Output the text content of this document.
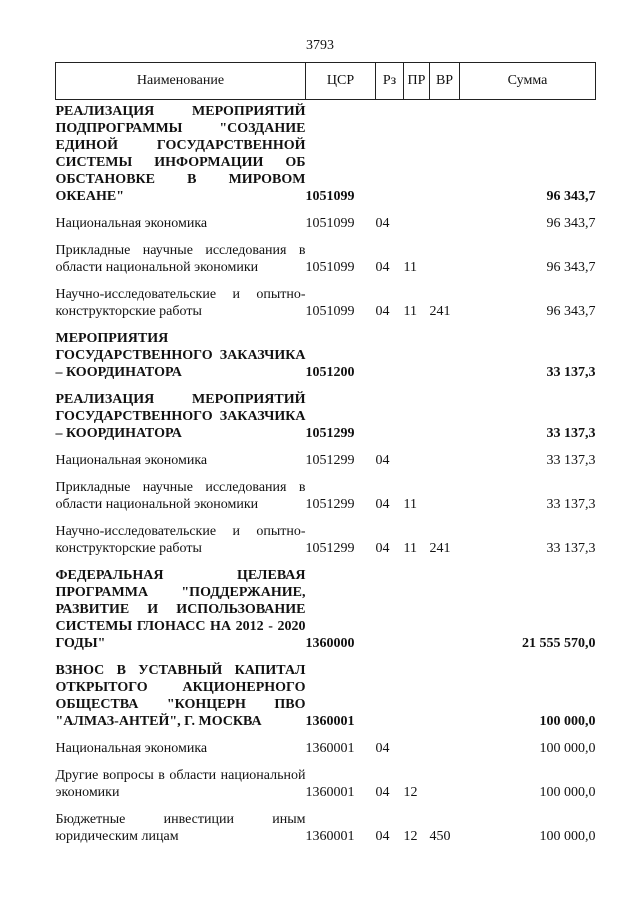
3793
Наименование	ЦСР	Рз	ПР	ВР	Сумма
РЕАЛИЗАЦИЯ МЕРОПРИЯТИЙ ПОДПРОГРАММЫ "СОЗДАНИЕ ЕДИНОЙ ГОСУДАРСТВЕННОЙ СИСТЕМЫ ИНФОРМАЦИИ ОБ ОБСТАНОВКЕ В МИРОВОМ ОКЕАНЕ"	1051099				96 343,7
Национальная экономика	1051099	04			96 343,7
Прикладные научные исследования в области национальной экономики	1051099	04	11		96 343,7
Научно-исследовательские и опытно-конструкторские работы	1051099	04	11	241	96 343,7
МЕРОПРИЯТИЯ ГОСУДАРСТВЕННОГО ЗАКАЗЧИКА – КООРДИНАТОРА	1051200				33 137,3
РЕАЛИЗАЦИЯ МЕРОПРИЯТИЙ ГОСУДАРСТВЕННОГО ЗАКАЗЧИКА – КООРДИНАТОРА	1051299				33 137,3
Национальная экономика	1051299	04			33 137,3
Прикладные научные исследования в области национальной экономики	1051299	04	11		33 137,3
Научно-исследовательские и опытно-конструкторские работы	1051299	04	11	241	33 137,3
ФЕДЕРАЛЬНАЯ ЦЕЛЕВАЯ ПРОГРАММА "ПОДДЕРЖАНИЕ, РАЗВИТИЕ И ИСПОЛЬЗОВАНИЕ СИСТЕМЫ ГЛОНАСС НА 2012 - 2020 ГОДЫ"	1360000				21 555 570,0
ВЗНОС В УСТАВНЫЙ КАПИТАЛ ОТКРЫТОГО АКЦИОНЕРНОГО ОБЩЕСТВА "КОНЦЕРН ПВО "АЛМАЗ-АНТЕЙ", Г. МОСКВА	1360001				100 000,0
Национальная экономика	1360001	04			100 000,0
Другие вопросы в области национальной экономики	1360001	04	12		100 000,0
Бюджетные инвестиции иным юридическим лицам	1360001	04	12	450	100 000,0
